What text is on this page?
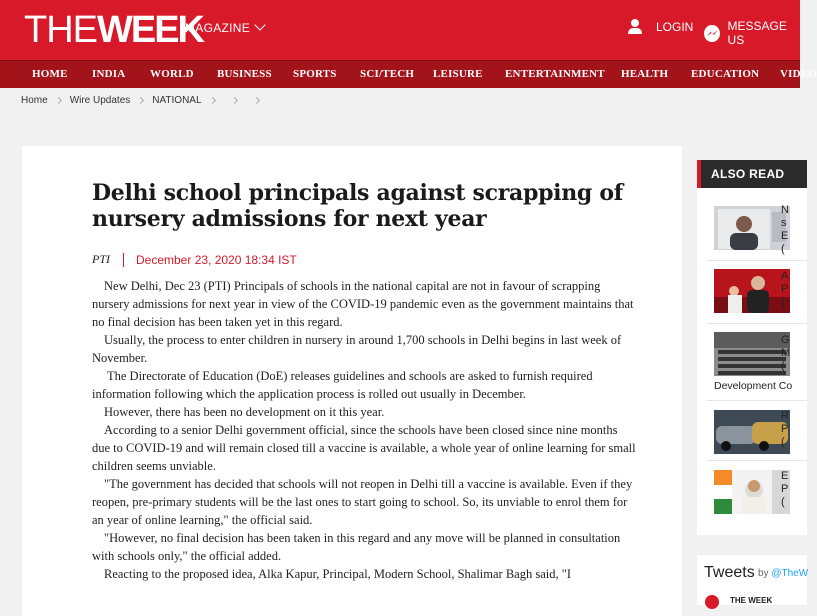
THEWEEK
MAGAZINE	LOGIN	MESSAGE US
HOME INDIA WORLD BUSINESS SPORTS SCI/TECH LEISURE ENTERTAINMENT HEALTH EDUCATION VIDEO
Home Wire Updates NATIONAL
Delhi school principals against scrapping of nursery admissions for next year
PTI December 23, 2020 18:34 IST

New Delhi, Dec 23 (PTI) Principals of schools in the national capital are not in favour of scrapping nursery admissions for next year in view of the COVID-19 pandemic even as the government maintains that no final decision has been taken yet in this regard.

Usually, the process to enter children in nursery in around 1,700 schools in Delhi begins in last week of November.

The Directorate of Education (DoE) releases guidelines and schools are asked to furnish required information following which the application process is rolled out usually in December.

However, there has been no development on it this year.

According to a senior Delhi government official, since the schools have been closed since nine months due to COVID-19 and will remain closed till a vaccine is available, a whole year of online learning for small children seems unviable.

"The government has decided that schools will not reopen in Delhi till a vaccine is available. Even if they reopen, pre-primary students will be the last ones to start going to school. So, its unviable to enrol them for an year of online learning," the official said.

"However, no final decision has been taken in this regard and any move will be planned in consultation with schools only," the official added.

Reacting to the proposed idea, Alka Kapur, Principal, Modern School, Shalimar Bagh said, "I

ALSO READ
N
s
E
(
A
P
(
G
M
(
Development Co
R
P
(
E
P
(
Tweets by @TheW
THE WEEK
